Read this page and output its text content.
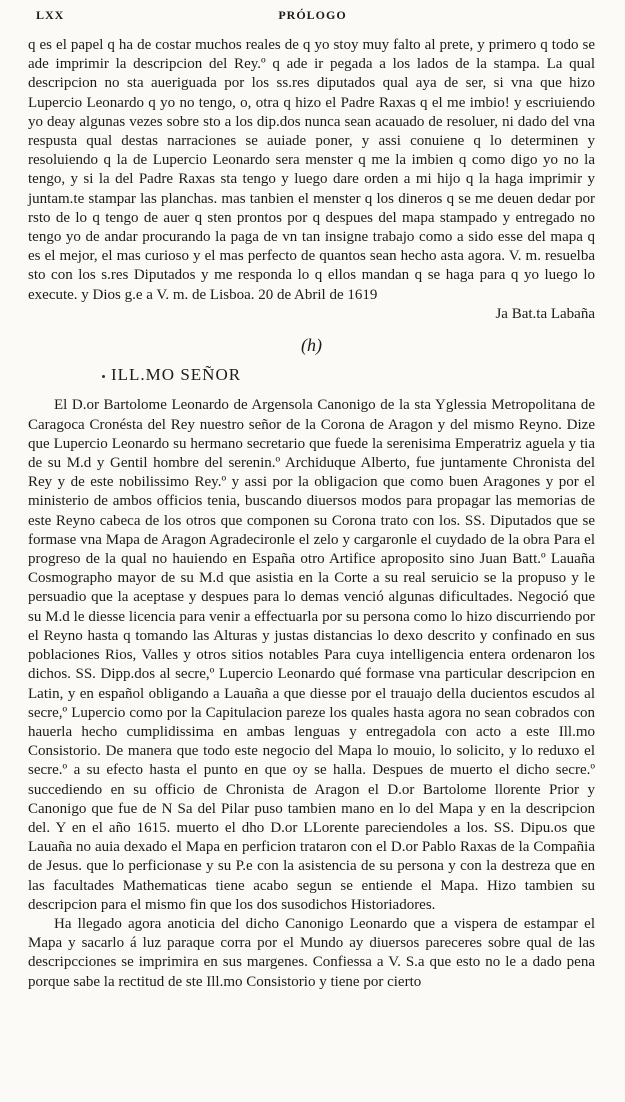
LXX	PRÓLOGO

q es el papel q ha de costar muchos reales de q yo stoy muy falto al prete, y primero q todo se ade imprimir la descripcion del Rey.º q ade ir pegada a los lados de la stampa. La qual descripcion no sta aueriguada por los ss.res diputados qual aya de ser, si vna que hizo Lupercio Leonardo q yo no tengo, o, otra q hizo el Padre Raxas q el me imbio! y escriuiendo yo deay algunas vezes sobre sto a los dip.dos nunca sean acauado de resoluer, ni dado del vna respusta qual destas narraciones se auiade poner, y assi conuiene q lo determinen y resoluiendo q la de Lupercio Leonardo sera menster q me la imbien q como digo yo no la tengo, y si la del Padre Raxas sta tengo y luego dare orden a mi hijo q la haga imprimir y juntam.te stampar las planchas. mas tanbien el menster q los dineros q se me deuen dedar por rsto de lo q tengo de auer q sten prontos por q despues del mapa stampado y entregado no tengo yo de andar procurando la paga de vn tan insigne trabajo como a sido esse del mapa q es el mejor, el mas curioso y el mas perfecto de quantos sean hecho asta agora. V. m. resuelba sto con los s.res Diputados y me responda lo q ellos mandan q se haga para q yo luego lo execute. y Dios g.e a V. m. de Lisboa. 20 de Abril de 1619

Ja Bat.ta Labaña

(h)
ILL.MO SEÑOR

El D.or Bartolome Leonardo de Argensola Canonigo de la sta Yglessia Metropolitana de Caragoca Cronésta del Rey nuestro señor de la Corona de Aragon y del mismo Reyno. Dize que Lupercio Leonardo su hermano secretario que fuede la serenisima Emperatriz aguela y tia de su M.d y Gentil hombre del serenin.º Archiduque Alberto, fue juntamente Chronista del Rey y de este nobilissimo Rey.º y assi por la obligacion que como buen Aragones y por el ministerio de ambos officios tenia, buscando diuersos modos para propagar las memorias de este Reyno cabeca de los otros que componen su Corona trato con los. SS. Diputados que se formase vna Mapa de Aragon Agradecironle el zelo y cargaronle el cuydado de la obra Para el progreso de la qual no hauiendo en España otro Artifice aproposito sino Juan Batt.º Lauaña Cosmographo mayor de su M.d que asistia en la Corte a su real seruicio se la propuso y le persuadio que la aceptase y despues para lo demas venció algunas dificultades. Negoció que su M.d le diesse licencia para venir a effectuarla por su persona como lo hizo discurriendo por el Reyno hasta q tomando las Alturas y justas distancias lo dexo descrito y confinado en sus poblaciones Rios, Valles y otros sitios notables Para cuya intelligencia entera ordenaron los dichos. SS. Dipp.dos al secre,º Lupercio Leonardo qué formase vna particular descripcion en Latin, y en español obligando a Lauaña a que diesse por el trauajo della ducientos escudos al secre,º Lupercio como por la Capitulacion pareze los quales hasta agora no sean cobrados con hauerla hecho cumplidissima en ambas lenguas y entregadola con acto a este Ill.mo Consistorio. De manera que todo este negocio del Mapa lo mouio, lo solicito, y lo reduxo el secre.º a su efecto hasta el punto en que oy se halla. Despues de muerto el dicho secre.º succediendo en su officio de Chronista de Aragon el D.or Bartolome llorente Prior y Canonigo que fue de N Sa del Pilar puso tambien mano en lo del Mapa y en la descripcion del. Y en el año 1615. muerto el dho D.or LLorente pareciendoles a los. SS. Dipu.os que Lauaña no auia dexado el Mapa en perficion trataron con el D.or Pablo Raxas de la Compañia de Jesus. que lo perficionase y su P.e con la asistencia de su persona y con la destreza que en las facultades Mathematicas tiene acabo segun se entiende el Mapa. Hizo tambien su descripcion para el mismo fin que los dos susodichos Historiadores.

Ha llegado agora anoticia del dicho Canonigo Leonardo que a vispera de estampar el Mapa y sacarlo á luz paraque corra por el Mundo ay diuersos pareceres sobre qual de las descripcciones se imprimira en sus margenes. Confiessa a V. S.a que esto no le a dado pena porque sabe la rectitud de ste Ill.mo Consistorio y tiene por cierto
